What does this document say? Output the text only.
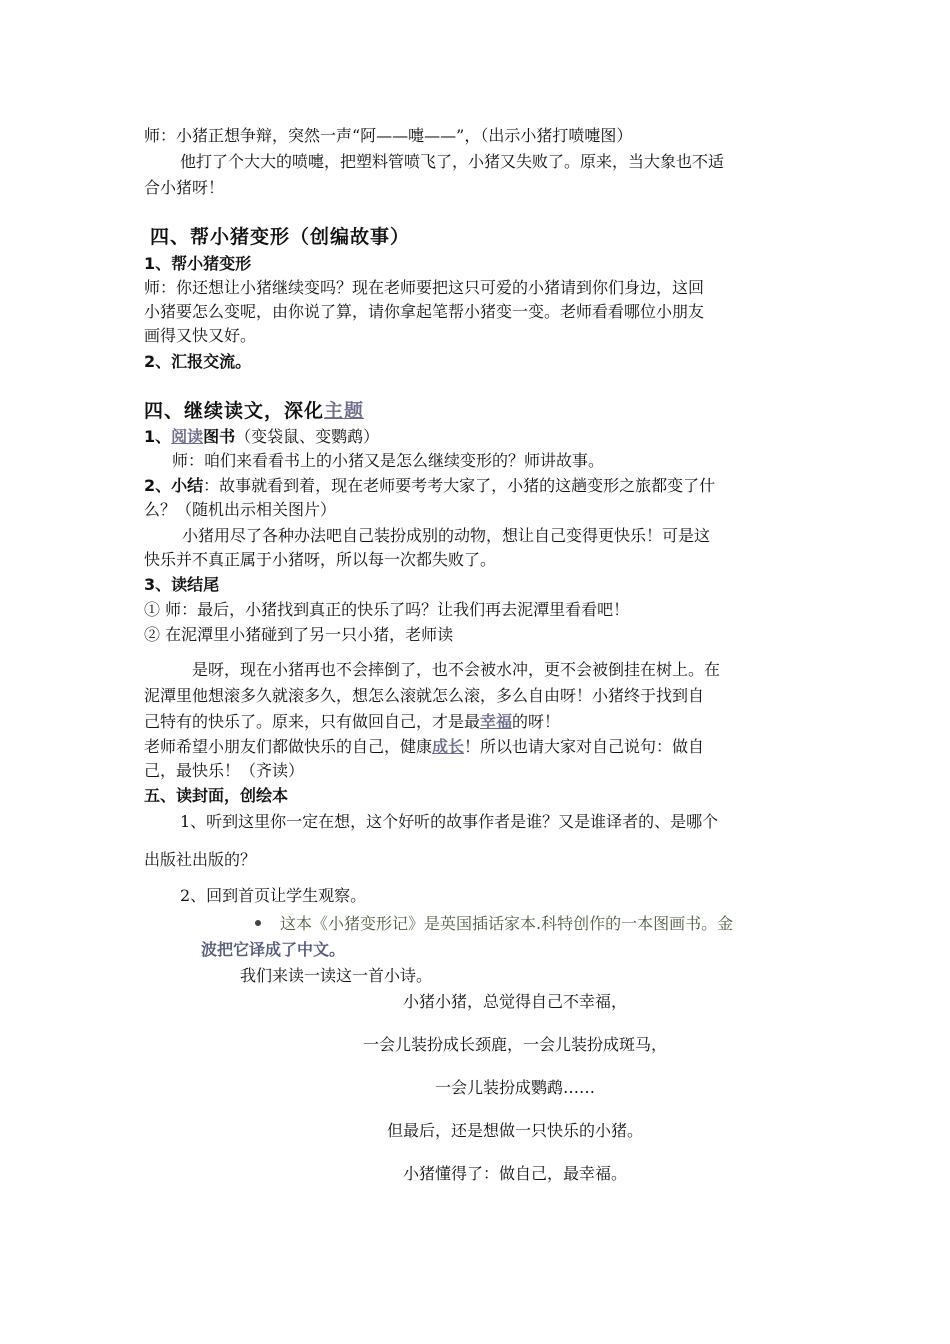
师：小猪正想争辩，突然一声“阿——嚏——”，（出示小猪打喷嚏图）
他打了个大大的喷嚏，把塑料管喷飞了，小猪又失败了。原来，当大象也不适
合小猪呀！
四、帮小猪变形（创编故事）
1、帮小猪变形
师：你还想让小猪继续变吗？现在老师要把这只可爱的小猪请到你们身边，这回
小猪要怎么变呢，由你说了算，请你拿起笔帮小猪变一变。老师看看哪位小朋友
画得又快又好。
2、汇报交流。
四、继续读文，深化主题
1、阅读图书（变袋鼠、变鹦鹉）
师：咱们来看看书上的小猪又是怎么继续变形的？师讲故事。
2、小结：故事就看到着，现在老师要考考大家了，小猪的这趟变形之旅都变了什
么？（随机出示相关图片）
小猪用尽了各种办法吧自己装扮成别的动物，想让自己变得更快乐！可是这
快乐并不真正属于小猪呀，所以每一次都失败了。
3、读结尾
① 师：最后，小猪找到真正的快乐了吗？让我们再去泥潭里看看吧！
② 在泥潭里小猪碰到了另一只小猪，老师读
是呀，现在小猪再也不会摔倒了，也不会被水冲，更不会被倒挂在树上。在
泥潭里他想滚多久就滚多久，想怎么滚就怎么滚，多么自由呀！小猪终于找到自
己特有的快乐了。原来，只有做回自己，才是最幸福的呀！
老师希望小朋友们都做快乐的自己，健康成长！所以也请大家对自己说句：做自
己，最快乐！（齐读）
五、读封面，创绘本
1、听到这里你一定在想，这个好听的故事作者是谁？又是谁译者的、是哪个
出版社出版的？
2、回到首页让学生观察。
这本《小猪变形记》是英国插话家本.科特创作的一本图画书。金
波把它译成了中文。
我们来读一读这一首小诗。
小猪小猪，总觉得自己不幸福，
一会儿装扮成长颈鹿，一会儿装扮成斑马，
一会儿装扮成鹦鹉……
但最后，还是想做一只快乐的小猪。
小猪懂得了：做自己，最幸福。
